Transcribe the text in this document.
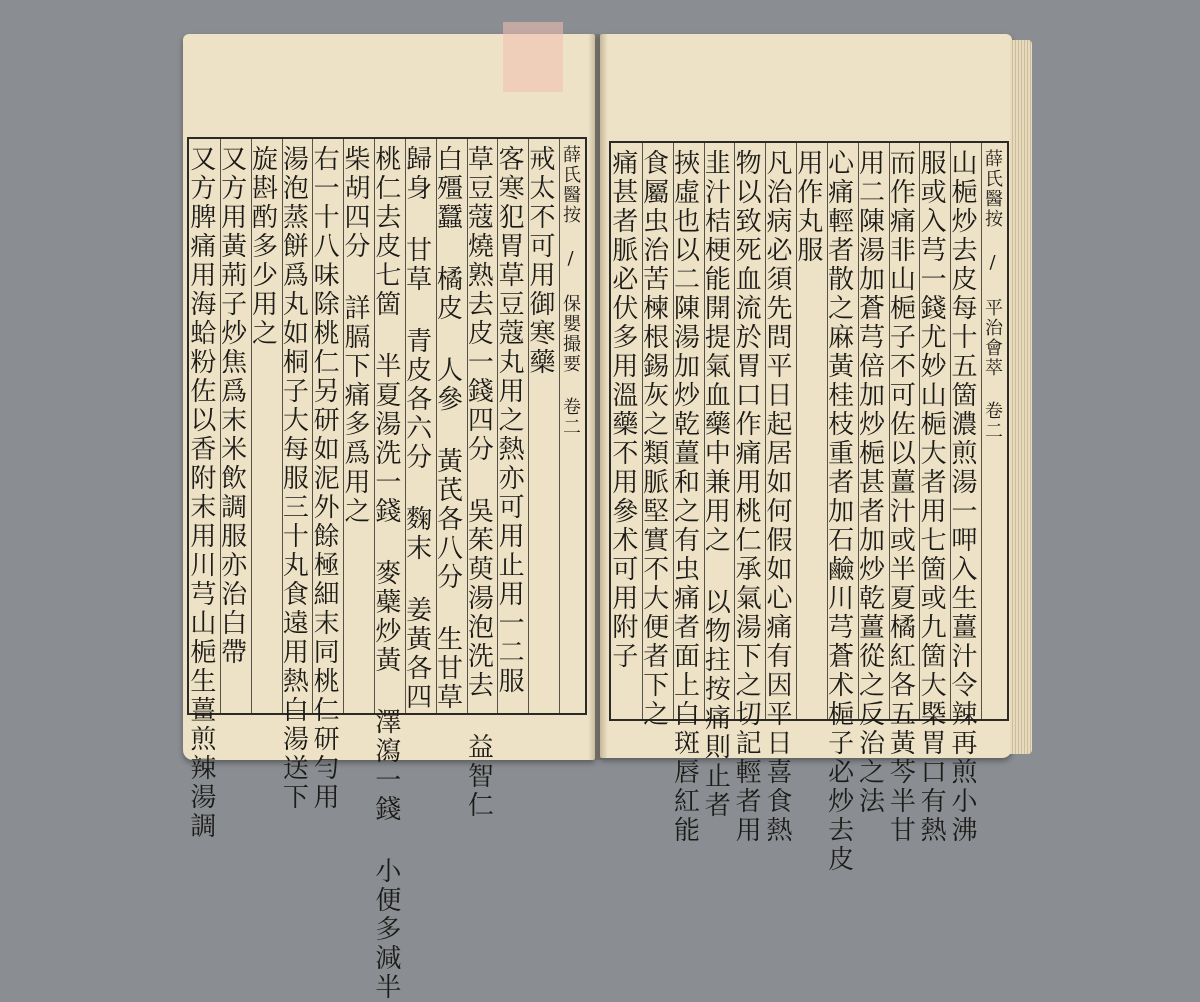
戒太不可用御寒藥
客寒犯胃草豆蔻丸用之熱亦可用止用一二服
草豆蔻燒熟去皮一錢四分 吳茱萸湯泡洗去 益智仁
白殭蠶 橘皮 人參 黃芪各八分 生甘草
歸身 甘草 青皮各六分 麴末 姜黃各四
桃仁去皮七箇 半夏湯洗一錢 麥蘗炒黃 澤瀉一錢 小便多減半
柴胡四分 詳膈下痛多爲用之
右一十八味除桃仁另研如泥外餘極細末同桃仁研勻用
湯泡蒸餅爲丸如桐子大每服三十丸食遠用熱白湯送下
旋斟酌多少用之
又方用黃荊子炒焦爲末米飲調服亦治白帶
又方脾痛用海蛤粉佐以香附末用川芎山梔生薑煎辣湯調	薛氏醫按 / 保嬰撮要 卷二	山梔炒去皮每十五箇濃煎湯一呷入生薑汁令辣再煎小沸
服或入芎一錢尤妙山梔大者用七箇或九箇大槩胃口有熱
而作痛非山梔子不可佐以薑汁或半夏橘紅各五黃芩半甘
用二陳湯加蒼芎倍加炒梔甚者加炒乾薑從之反治之法
心痛輕者散之麻黃桂枝重者加石鹼川芎蒼术梔子必炒去皮
用作丸服
凡治病必須先問平日起居如何假如心痛有因平日喜食熱
物以致死血流於胃口作痛用桃仁承氣湯下之切記輕者用
韭汁桔梗能開提氣血藥中兼用之 以物拄按痛則止者
挾虛也以二陳湯加炒乾薑和之有虫痛者面上白斑唇紅能
食屬虫治苦楝根錫灰之類脈堅實不大便者下之
痛甚者脈必伏多用溫藥不用參术可用附子	薛氏醫按 / 平治會萃 卷二
